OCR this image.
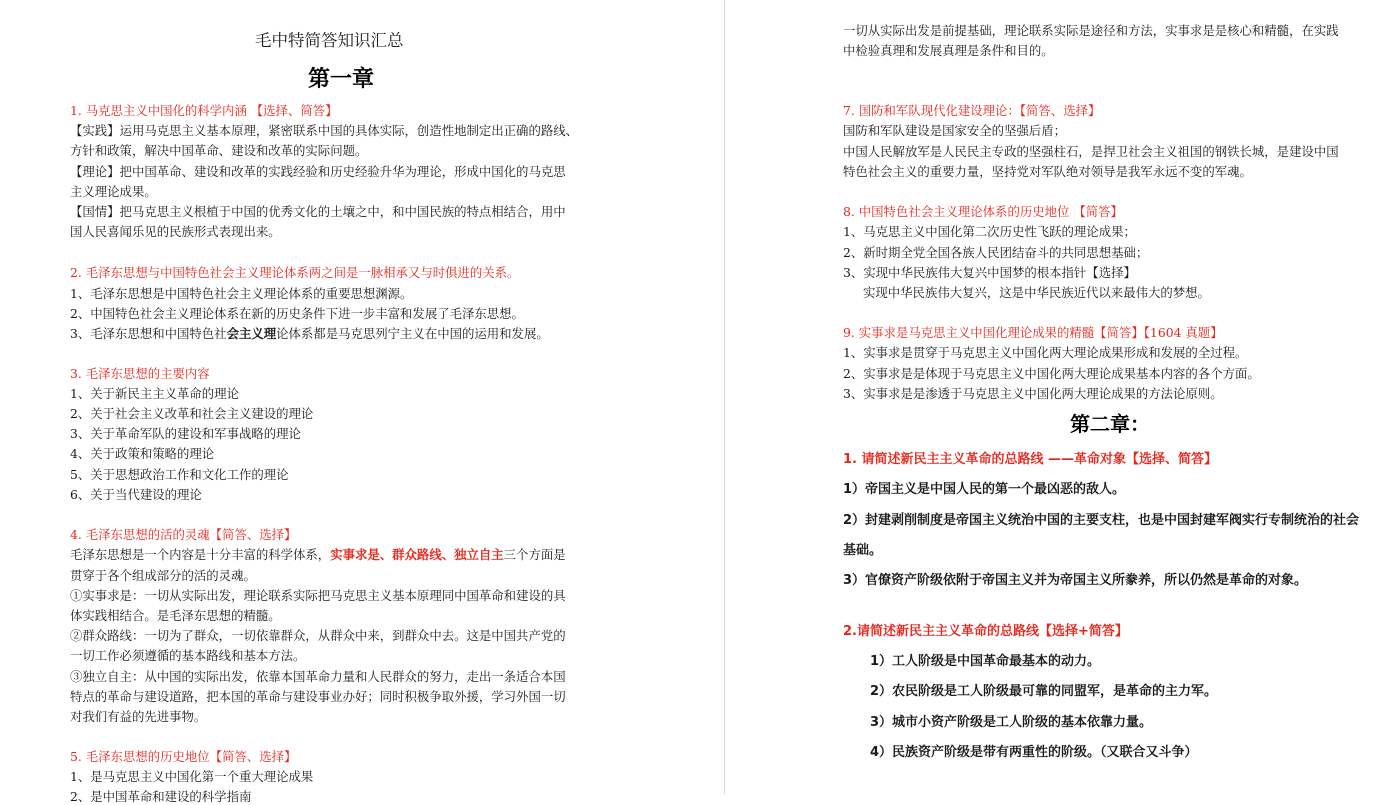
毛中特简答知识汇总
第一章
1. 马克思主义中国化的科学内涵 【选择、简答】
【实践】运用马克思主义基本原理，紧密联系中国的具体实际，创造性地制定出正确的路线、
方针和政策，解决中国革命、建设和改革的实际问题。
【理论】把中国革命、建设和改革的实践经验和历史经验升华为理论，形成中国化的马克思
主义理论成果。
【国情】把马克思主义根植于中国的优秀文化的土壤之中，和中国民族的特点相结合，用中
国人民喜闻乐见的民族形式表现出来。
2. 毛泽东思想与中国特色社会主义理论体系两之间是一脉相承又与时俱进的关系。
1、毛泽东思想是中国特色社会主义理论体系的重要思想渊源。
2、中国特色社会主义理论体系在新的历史条件下进一步丰富和发展了毛泽东思想。
3、毛泽东思想和中国特色社会主义理论体系都是马克思列宁主义在中国的运用和发展。
3. 毛泽东思想的主要内容
1、关于新民主主义革命的理论
2、关于社会主义改革和社会主义建设的理论
3、关于革命军队的建设和军事战略的理论
4、关于政策和策略的理论
5、关于思想政治工作和文化工作的理论
6、关于当代建设的理论
4. 毛泽东思想的活的灵魂【简答、选择】
毛泽东思想是一个内容是十分丰富的科学体系，实事求是、群众路线、独立自主三个方面是
贯穿于各个组成部分的活的灵魂。
①实事求是：一切从实际出发，理论联系实际把马克思主义基本原理同中国革命和建设的具
体实践相结合。是毛泽东思想的精髓。
②群众路线：一切为了群众，一切依靠群众，从群众中来，到群众中去。这是中国共产党的
一切工作必须遵循的基本路线和基本方法。
③独立自主：从中国的实际出发，依靠本国革命力量和人民群众的努力，走出一条适合本国
特点的革命与建设道路，把本国的革命与建设事业办好；同时积极争取外援，学习外国一切
对我们有益的先进事物。
5. 毛泽东思想的历史地位【简答、选择】
1、是马克思主义中国化第一个重大理论成果
2、是中国革命和建设的科学指南
一切从实际出发是前提基础，理论联系实际是途径和方法，实事求是是核心和精髓，在实践
中检验真理和发展真理是条件和目的。
7. 国防和军队现代化建设理论：【简答、选择】
国防和军队建设是国家安全的坚强后盾；
中国人民解放军是人民民主专政的坚强柱石，是捍卫社会主义祖国的钢铁长城，是建设中国
特色社会主义的重要力量，坚持党对军队绝对领导是我军永远不变的军魂。
8. 中国特色社会主义理论体系的历史地位 【简答】
1、马克思主义中国化第二次历史性飞跃的理论成果；
2、新时期全党全国各族人民团结奋斗的共同思想基础；
3、实现中华民族伟大复兴中国梦的根本指针【选择】
实现中华民族伟大复兴，这是中华民族近代以来最伟大的梦想。
9. 实事求是马克思主义中国化理论成果的精髓【简答】【1604 真题】
1、实事求是贯穿于马克思主义中国化两大理论成果形成和发展的全过程。
2、实事求是是体现于马克思主义中国化两大理论成果基本内容的各个方面。
3、实事求是是渗透于马克思主义中国化两大理论成果的方法论原则。
第二章：
1. 请简述新民主主义革命的总路线 ——革命对象【选择、简答】
1）帝国主义是中国人民的第一个最凶恶的敌人。
2）封建剥削制度是帝国主义统治中国的主要支柱，也是中国封建军阀实行专制统治的社会
基础。
3）官僚资产阶级依附于帝国主义并为帝国主义所豢养，所以仍然是革命的对象。
2.请简述新民主主义革命的总路线【选择+简答】
1）工人阶级是中国革命最基本的动力。
2）农民阶级是工人阶级最可靠的同盟军，是革命的主力军。
3）城市小资产阶级是工人阶级的基本依靠力量。
4）民族资产阶级是带有两重性的阶级。（又联合又斗争）
